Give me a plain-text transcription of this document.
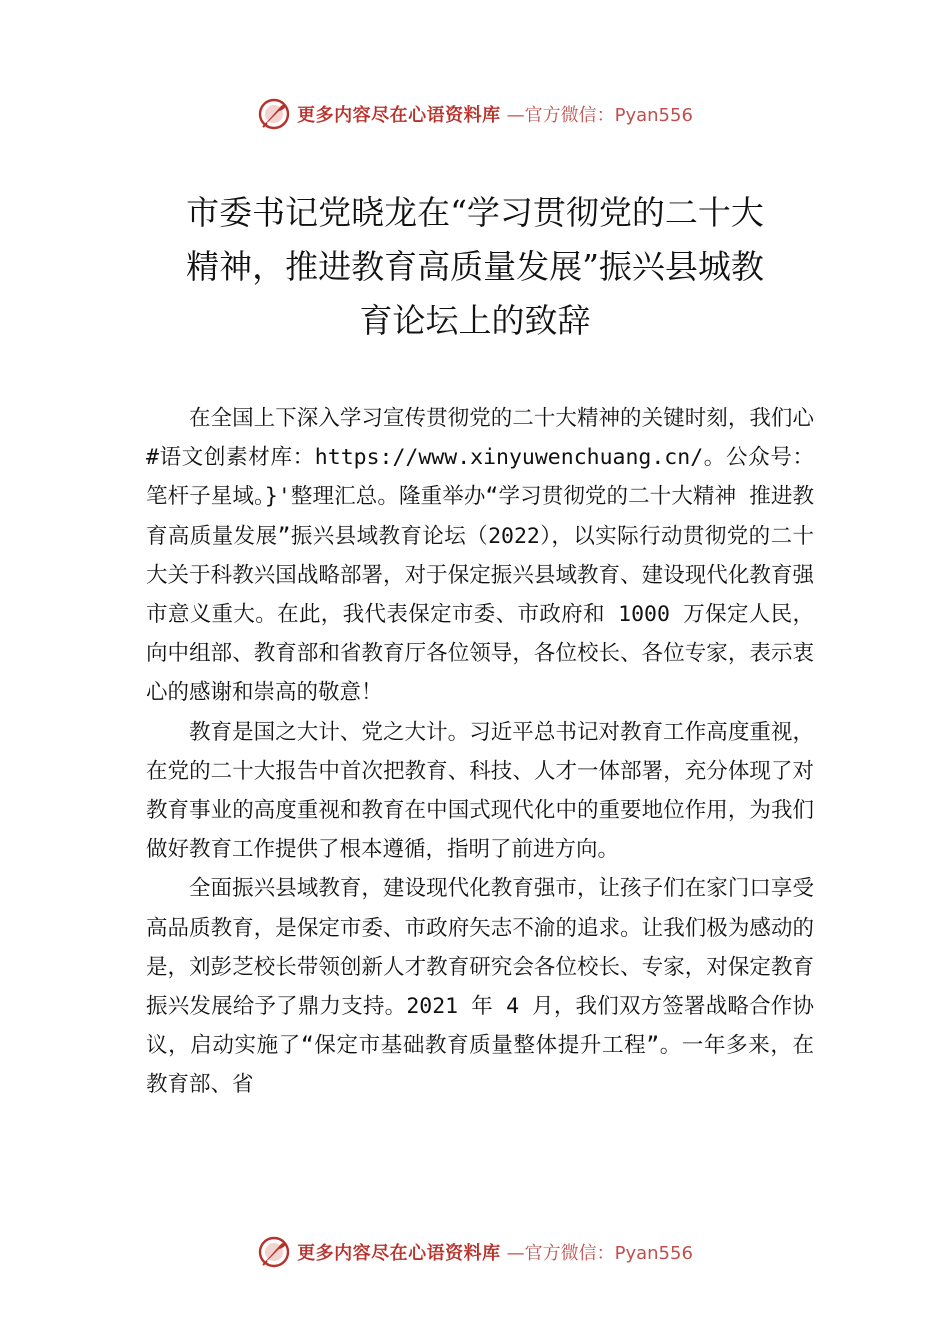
更多内容尽在心语资料库 —官方微信：Pyan556
市委书记党晓龙在“学习贯彻党的二十大
精神，推进教育高质量发展”振兴县城教
育论坛上的致辞

在全国上下深入学习宣传贯彻党的二十大精神的关键时刻，我们心#语文创素材库：https://www.xinyuwenchuang.cn/。公众号：笔杆子星域。}'整理汇总。隆重举办“学习贯彻党的二十大精神 推进教育高质量发展”振兴县域教育论坛（2022），以实际行动贯彻党的二十大关于科教兴国战略部署，对于保定振兴县域教育、建设现代化教育强市意义重大。在此，我代表保定市委、市政府和 1000 万保定人民，向中组部、教育部和省教育厅各位领导，各位校长、各位专家，表示衷心的感谢和崇高的敬意！

教育是国之大计、党之大计。习近平总书记对教育工作高度重视，在党的二十大报告中首次把教育、科技、人才一体部署，充分体现了对教育事业的高度重视和教育在中国式现代化中的重要地位作用，为我们做好教育工作提供了根本遵循，指明了前进方向。

全面振兴县域教育，建设现代化教育强市，让孩子们在家门口享受高品质教育，是保定市委、市政府矢志不渝的追求。让我们极为感动的是，刘彭芝校长带领创新人才教育研究会各位校长、专家，对保定教育振兴发展给予了鼎力支持。2021 年 4 月，我们双方签署战略合作协议，启动实施了“保定市基础教育质量整体提升工程”。一年多来，在教育部、省

更多内容尽在心语资料库 —官方微信：Pyan556
